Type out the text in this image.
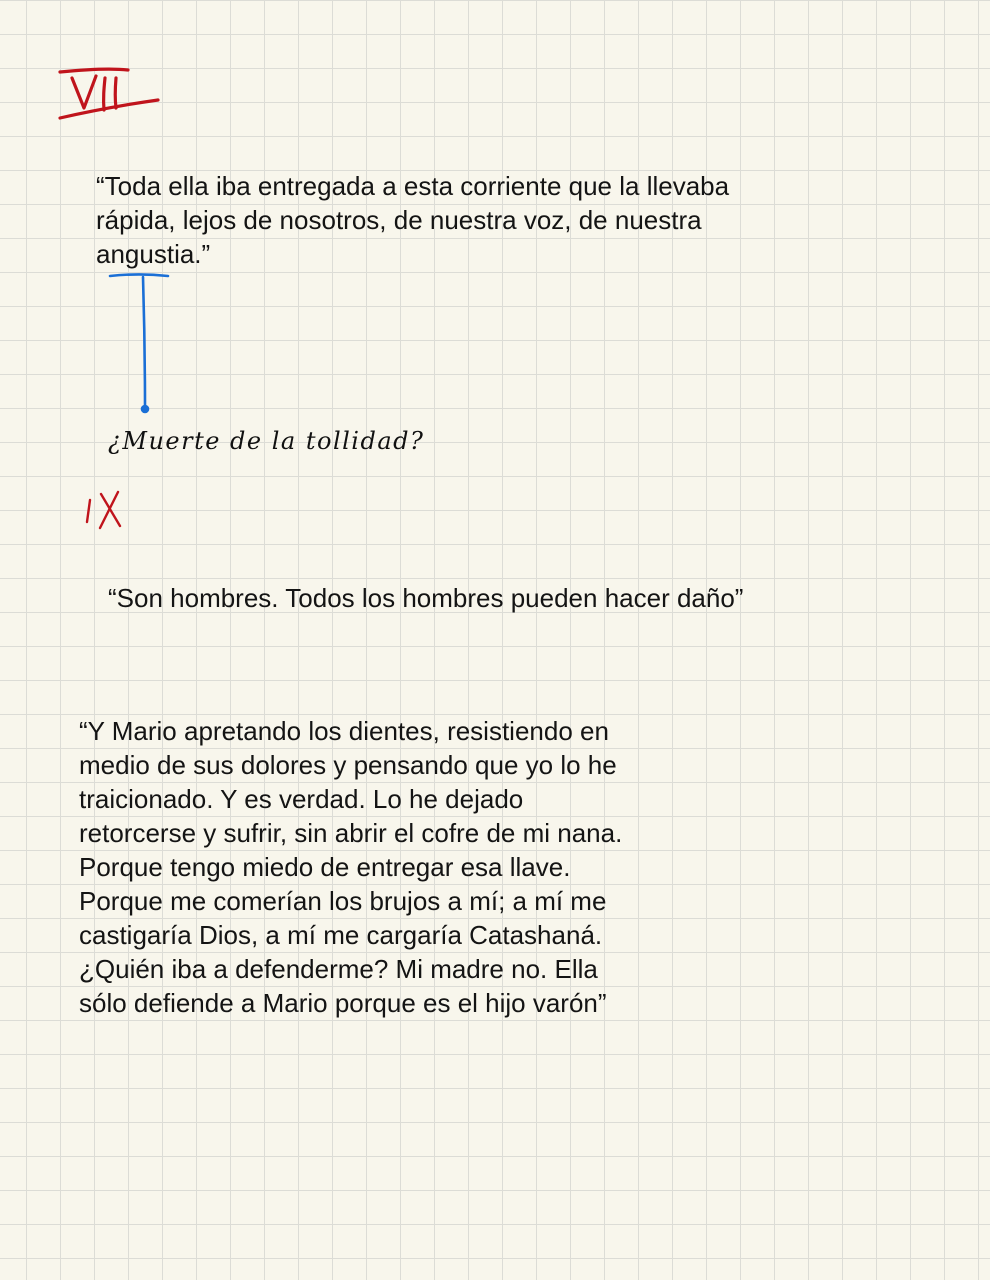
“Toda ella iba entregada a esta corriente que la llevaba
rápida, lejos de nosotros, de nuestra voz, de nuestra
angustia.”

“Son hombres. Todos los hombres pueden hacer daño”

“Y Mario apretando los dientes, resistiendo en
medio de sus dolores y pensando que yo lo he
traicionado. Y es verdad. Lo he dejado
retorcerse y sufrir, sin abrir el cofre de mi nana.
Porque tengo miedo de entregar esa llave.
Porque me comerían los brujos a mí; a mí me
castigaría Dios, a mí me cargaría Catashaná.
¿Quién iba a defenderme? Mi madre no. Ella
sólo defiende a Mario porque es el hijo varón”

¿Muerte de la tollidad?
